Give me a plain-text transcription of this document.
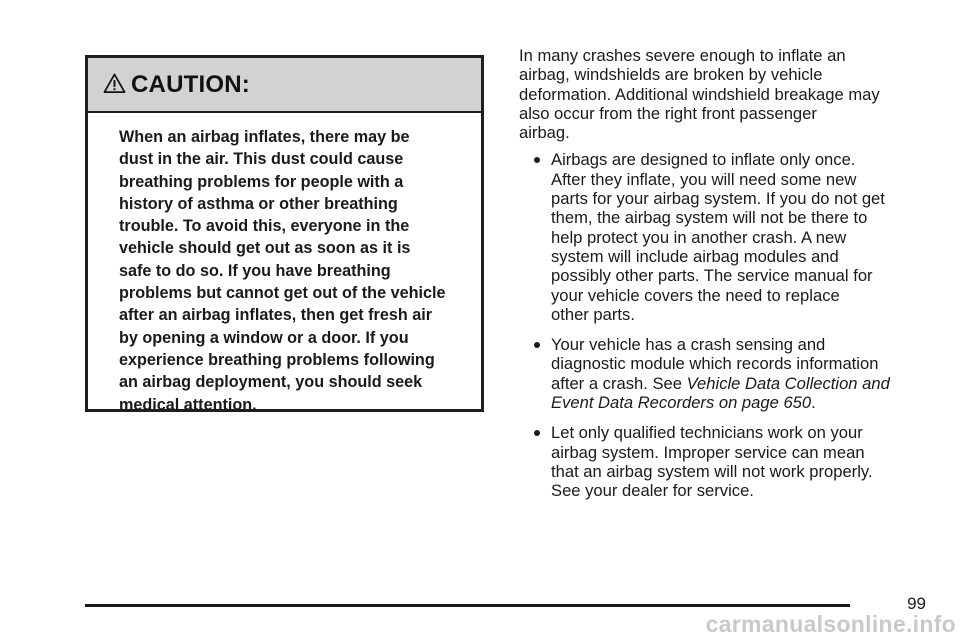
CAUTION:

When an airbag inflates, there may be
dust in the air. This dust could cause
breathing problems for people with a
history of asthma or other breathing
trouble. To avoid this, everyone in the
vehicle should get out as soon as it is
safe to do so. If you have breathing
problems but cannot get out of the vehicle
after an airbag inflates, then get fresh air
by opening a window or a door. If you
experience breathing problems following
an airbag deployment, you should seek
medical attention.

In many crashes severe enough to inflate an
airbag, windshields are broken by vehicle
deformation. Additional windshield breakage may
also occur from the right front passenger
airbag.

Airbags are designed to inflate only once.
After they inflate, you will need some new
parts for your airbag system. If you do not get
them, the airbag system will not be there to
help protect you in another crash. A new
system will include airbag modules and
possibly other parts. The service manual for
your vehicle covers the need to replace
other parts.
Your vehicle has a crash sensing and
diagnostic module which records information
after a crash. See Vehicle Data Collection and
Event Data Recorders on page 650.
Let only qualified technicians work on your
airbag system. Improper service can mean
that an airbag system will not work properly.
See your dealer for service.
99
carmanualsonline.info
